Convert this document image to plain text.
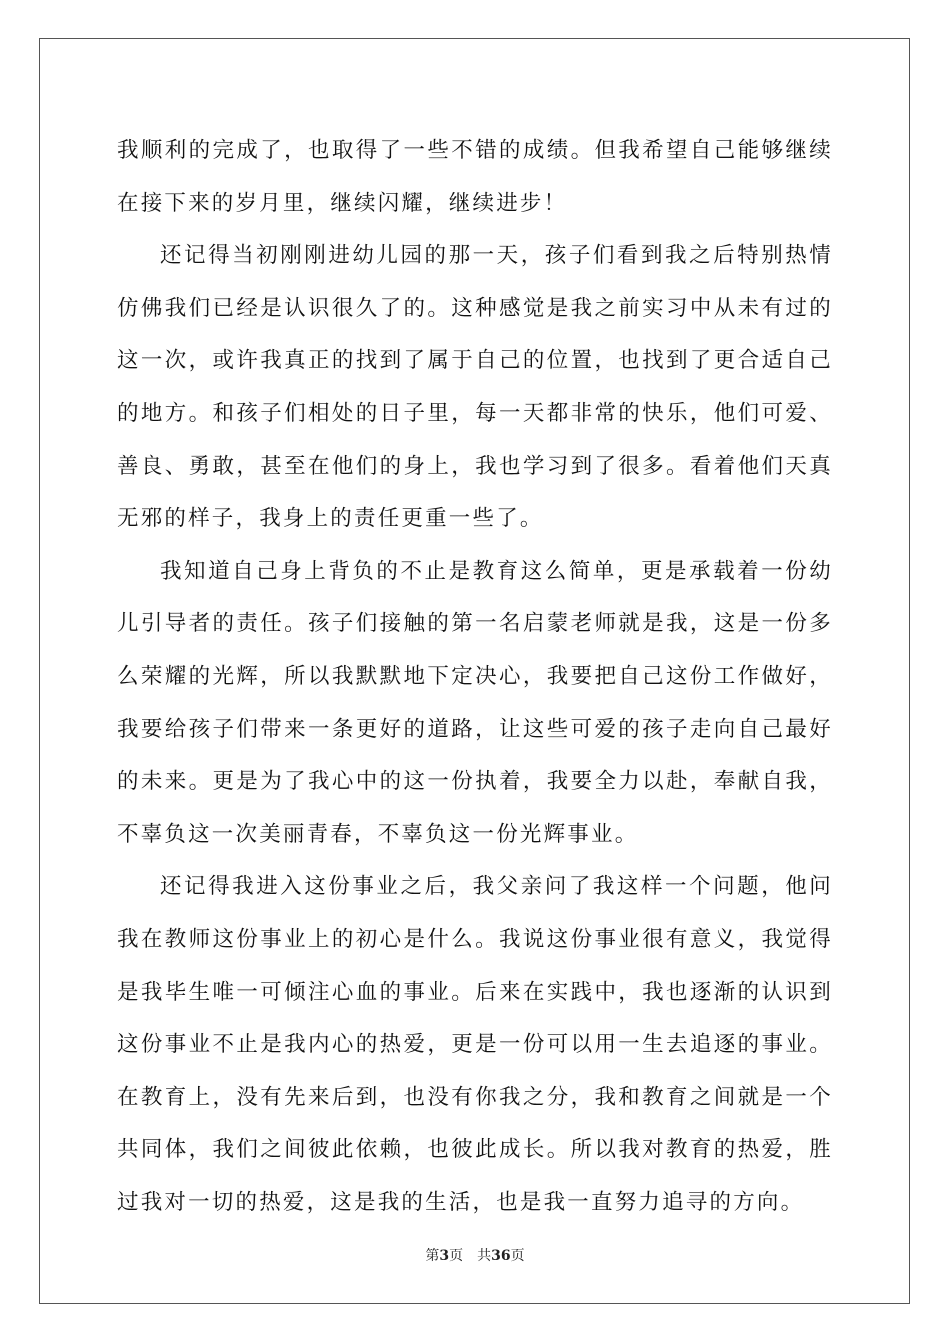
我顺利的完成了，也取得了一些不错的成绩。但我希望自己能够继续在接下来的岁月里，继续闪耀，继续进步！

还记得当初刚刚进幼儿园的那一天，孩子们看到我之后特别热情仿佛我们已经是认识很久了的。这种感觉是我之前实习中从未有过的这一次，或许我真正的找到了属于自己的位置，也找到了更合适自己的地方。和孩子们相处的日子里，每一天都非常的快乐，他们可爱、善良、勇敢，甚至在他们的身上，我也学习到了很多。看着他们天真无邪的样子，我身上的责任更重一些了。

我知道自己身上背负的不止是教育这么简单，更是承载着一份幼儿引导者的责任。孩子们接触的第一名启蒙老师就是我，这是一份多么荣耀的光辉，所以我默默地下定决心，我要把自己这份工作做好，我要给孩子们带来一条更好的道路，让这些可爱的孩子走向自己最好的未来。更是为了我心中的这一份执着，我要全力以赴，奉献自我，不辜负这一次美丽青春，不辜负这一份光辉事业。

还记得我进入这份事业之后，我父亲问了我这样一个问题，他问我在教师这份事业上的初心是什么。我说这份事业很有意义，我觉得是我毕生唯一可倾注心血的事业。后来在实践中，我也逐渐的认识到这份事业不止是我内心的热爱，更是一份可以用一生去追逐的事业。在教育上，没有先来后到，也没有你我之分，我和教育之间就是一个共同体，我们之间彼此依赖，也彼此成长。所以我对教育的热爱，胜过我对一切的热爱，这是我的生活，也是我一直努力追寻的方向。

第3页 共36页
